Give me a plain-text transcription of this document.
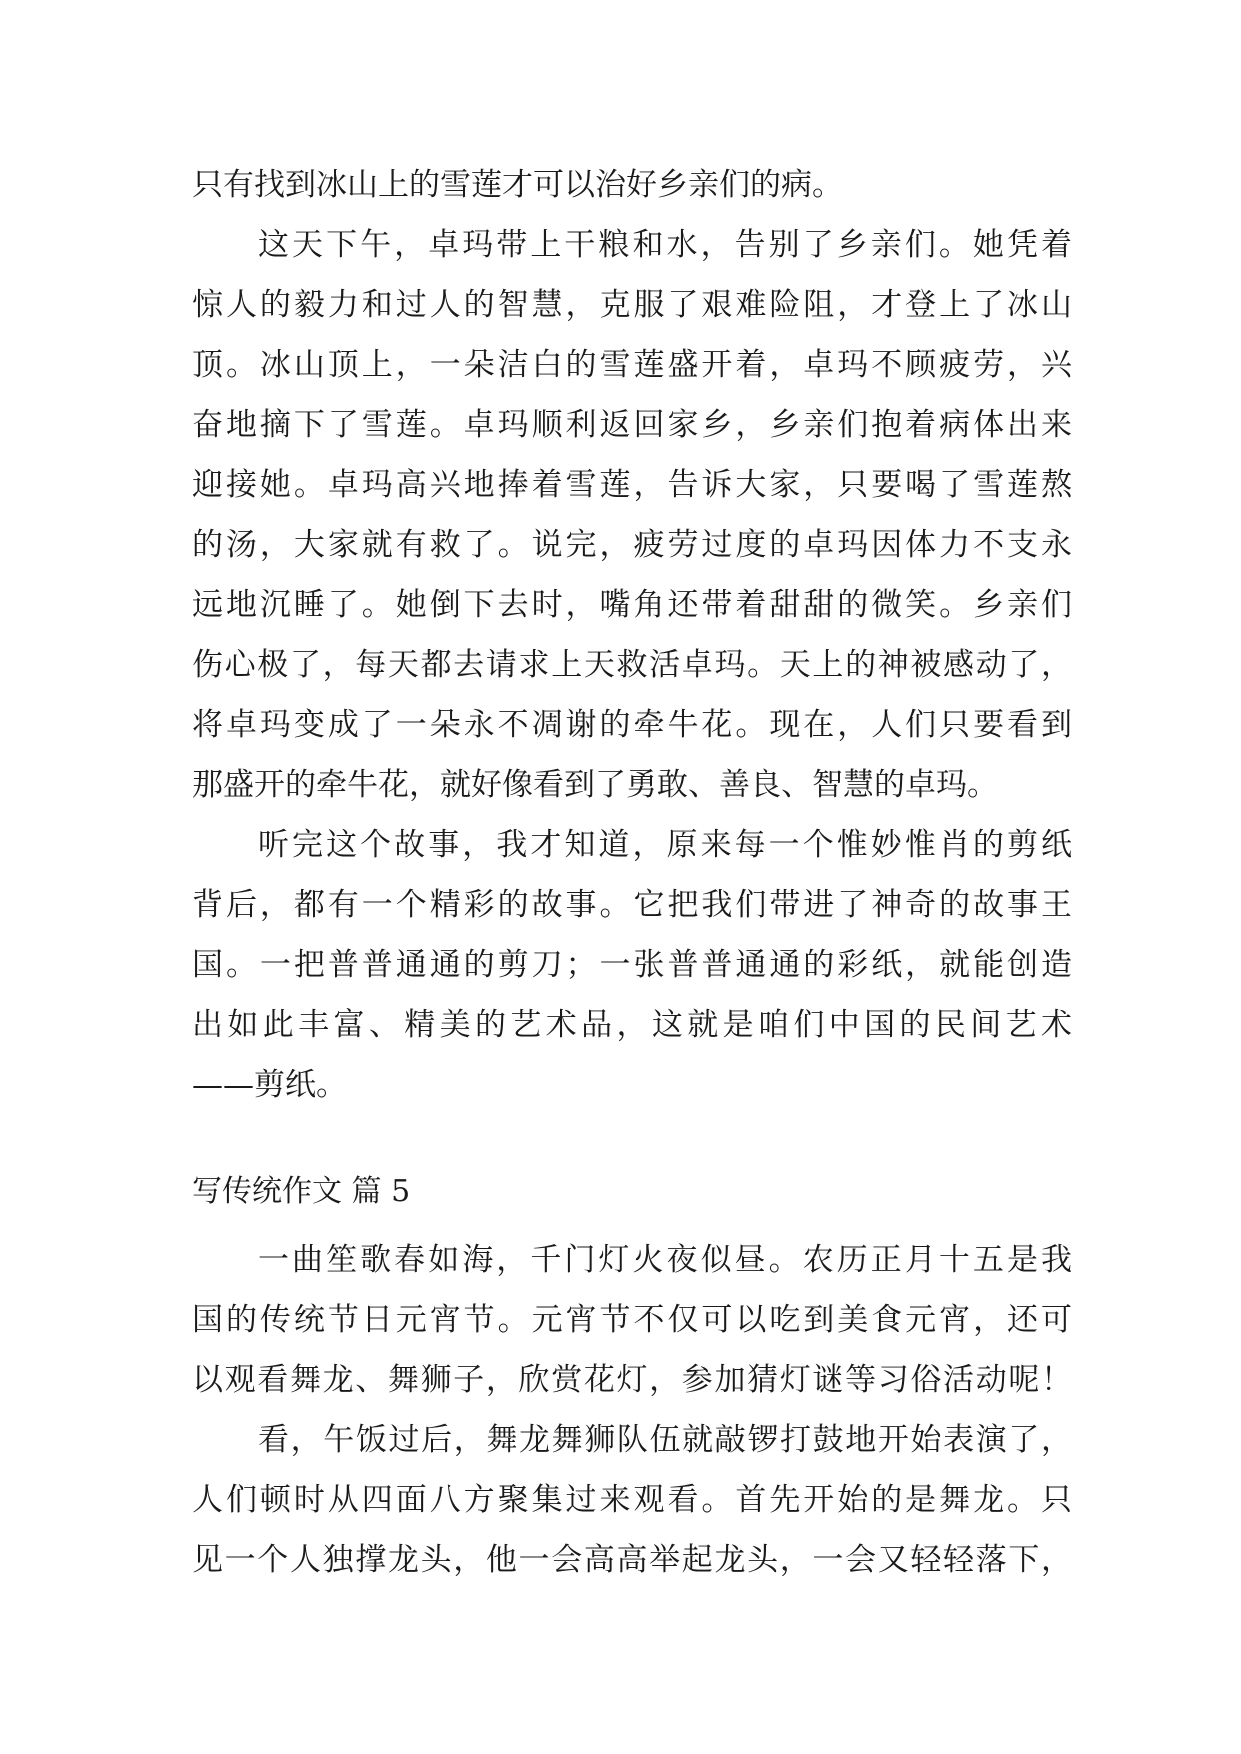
只有找到冰山上的雪莲才可以治好乡亲们的病。
这天下午，卓玛带上干粮和水，告别了乡亲们。她凭着
惊人的毅力和过人的智慧，克服了艰难险阻，才登上了冰山
顶。冰山顶上，一朵洁白的雪莲盛开着，卓玛不顾疲劳，兴
奋地摘下了雪莲。卓玛顺利返回家乡，乡亲们抱着病体出来
迎接她。卓玛高兴地捧着雪莲，告诉大家，只要喝了雪莲熬
的汤，大家就有救了。说完，疲劳过度的卓玛因体力不支永
远地沉睡了。她倒下去时，嘴角还带着甜甜的微笑。乡亲们
伤心极了，每天都去请求上天救活卓玛。天上的神被感动了，
将卓玛变成了一朵永不凋谢的牵牛花。现在，人们只要看到
那盛开的牵牛花，就好像看到了勇敢、善良、智慧的卓玛。
听完这个故事，我才知道，原来每一个惟妙惟肖的剪纸
背后，都有一个精彩的故事。它把我们带进了神奇的故事王
国。一把普普通通的剪刀；一张普普通通的彩纸，就能创造
出如此丰富、精美的艺术品，这就是咱们中国的民间艺术
——剪纸。
写传统作文 篇 5
一曲笙歌春如海，千门灯火夜似昼。农历正月十五是我
国的传统节日元宵节。元宵节不仅可以吃到美食元宵，还可
以观看舞龙、舞狮子，欣赏花灯，参加猜灯谜等习俗活动呢！
看，午饭过后，舞龙舞狮队伍就敲锣打鼓地开始表演了，
人们顿时从四面八方聚集过来观看。首先开始的是舞龙。只
见一个人独撑龙头，他一会高高举起龙头，一会又轻轻落下，
